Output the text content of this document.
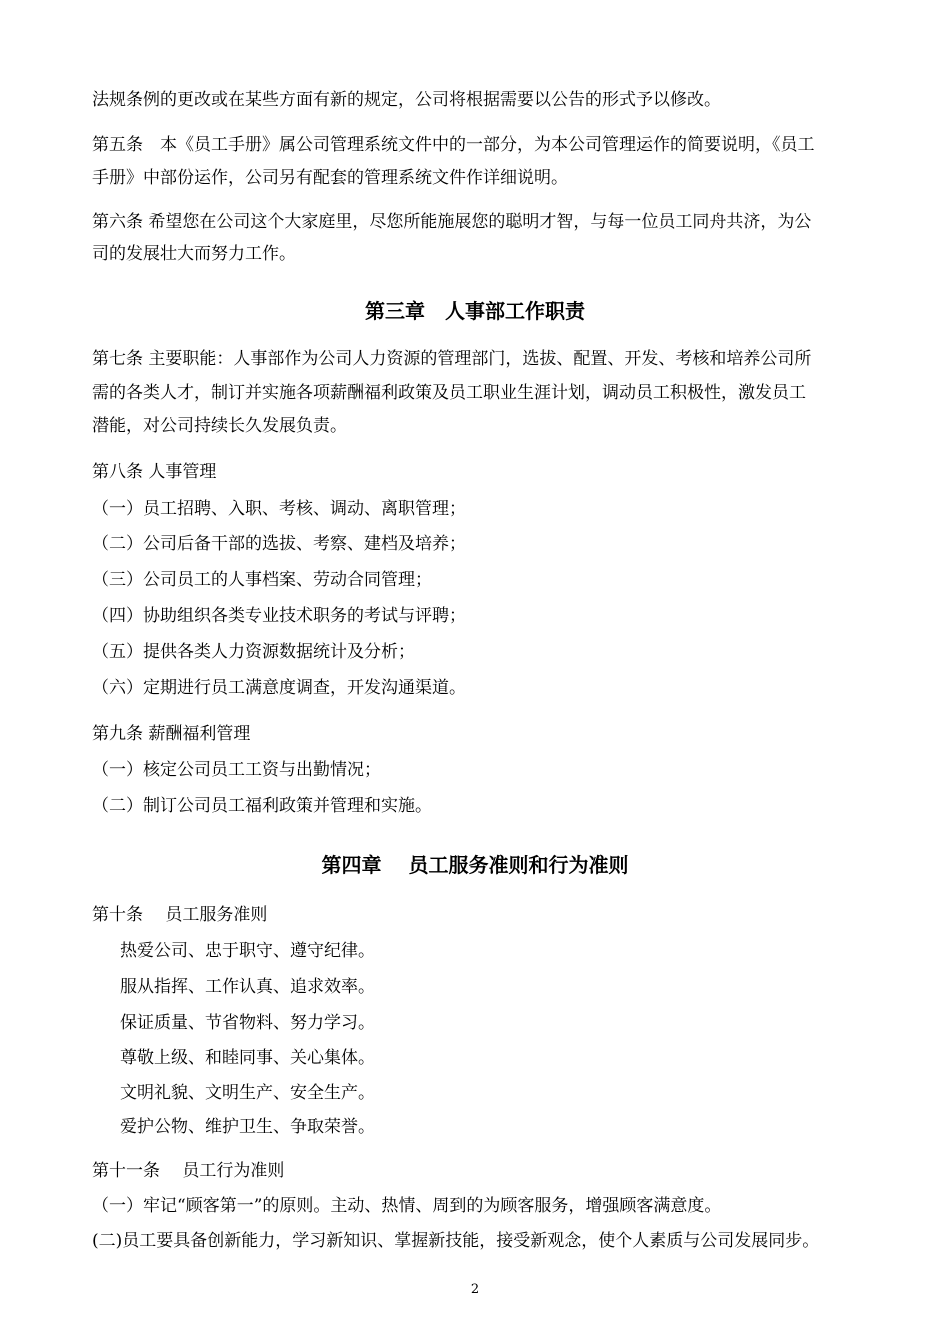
法规条例的更改或在某些方面有新的规定，公司将根据需要以公告的形式予以修改。
第五条　本《员工手册》属公司管理系统文件中的一部分，为本公司管理运作的简要说明，《员工
手册》中部份运作，公司另有配套的管理系统文件作详细说明。
第六条 希望您在公司这个大家庭里，尽您所能施展您的聪明才智，与每一位员工同舟共济，为公
司的发展壮大而努力工作。
第三章　人事部工作职责
第七条 主要职能：人事部作为公司人力资源的管理部门，选拔、配置、开发、考核和培养公司所
需的各类人才，制订并实施各项薪酬福利政策及员工职业生涯计划，调动员工积极性，激发员工
潜能，对公司持续长久发展负责。
第八条 人事管理
（一）员工招聘、入职、考核、调动、离职管理；
（二）公司后备干部的选拔、考察、建档及培养；
（三）公司员工的人事档案、劳动合同管理；
（四）协助组织各类专业技术职务的考试与评聘；
（五）提供各类人力资源数据统计及分析；
（六）定期进行员工满意度调查，开发沟通渠道。
第九条 薪酬福利管理
（一）核定公司员工工资与出勤情况；
（二）制订公司员工福利政策并管理和实施。
第四章　 员工服务准则和行为准则
第十条　 员工服务准则
热爱公司、忠于职守、遵守纪律。
服从指挥、工作认真、追求效率。
保证质量、节省物料、努力学习。
尊敬上级、和睦同事、关心集体。
文明礼貌、文明生产、安全生产。
爱护公物、维护卫生、争取荣誉。
第十一条　 员工行为准则
（一）牢记“顾客第一”的原则。主动、热情、周到的为顾客服务，增强顾客满意度。
(二)员工要具备创新能力，学习新知识、掌握新技能，接受新观念，使个人素质与公司发展同步。
2
